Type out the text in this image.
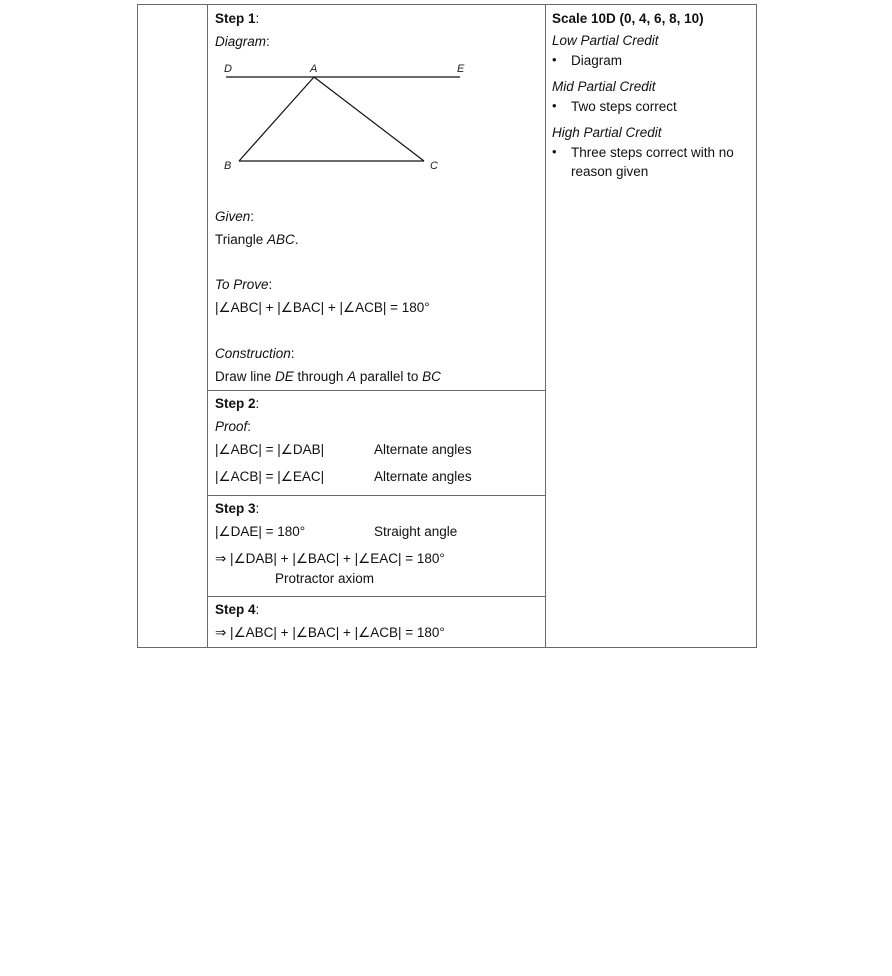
Step 1:
Diagram:
D	A	E
B	C
Given:
Triangle ABC.
To Prove:
|∠ABC| + |∠BAC| + |∠ACB| = 180°
Construction:
Draw line DE through A parallel to BC
Step 2:
Proof:
|∠ABC| = |∠DAB|	Alternate angles
|∠ACB| = |∠EAC|	Alternate angles
Step 3:
|∠DAE| = 180°	Straight angle
⇒ |∠DAB| + |∠BAC| + |∠EAC| = 180°
Protractor axiom
Step 4:
⇒ |∠ABC| + |∠BAC| + |∠ACB| = 180°
Scale 10D (0, 4, 6, 8, 10)
Low Partial Credit
• Diagram
Mid Partial Credit
• Two steps correct
High Partial Credit
• Three steps correct with no
reason given
